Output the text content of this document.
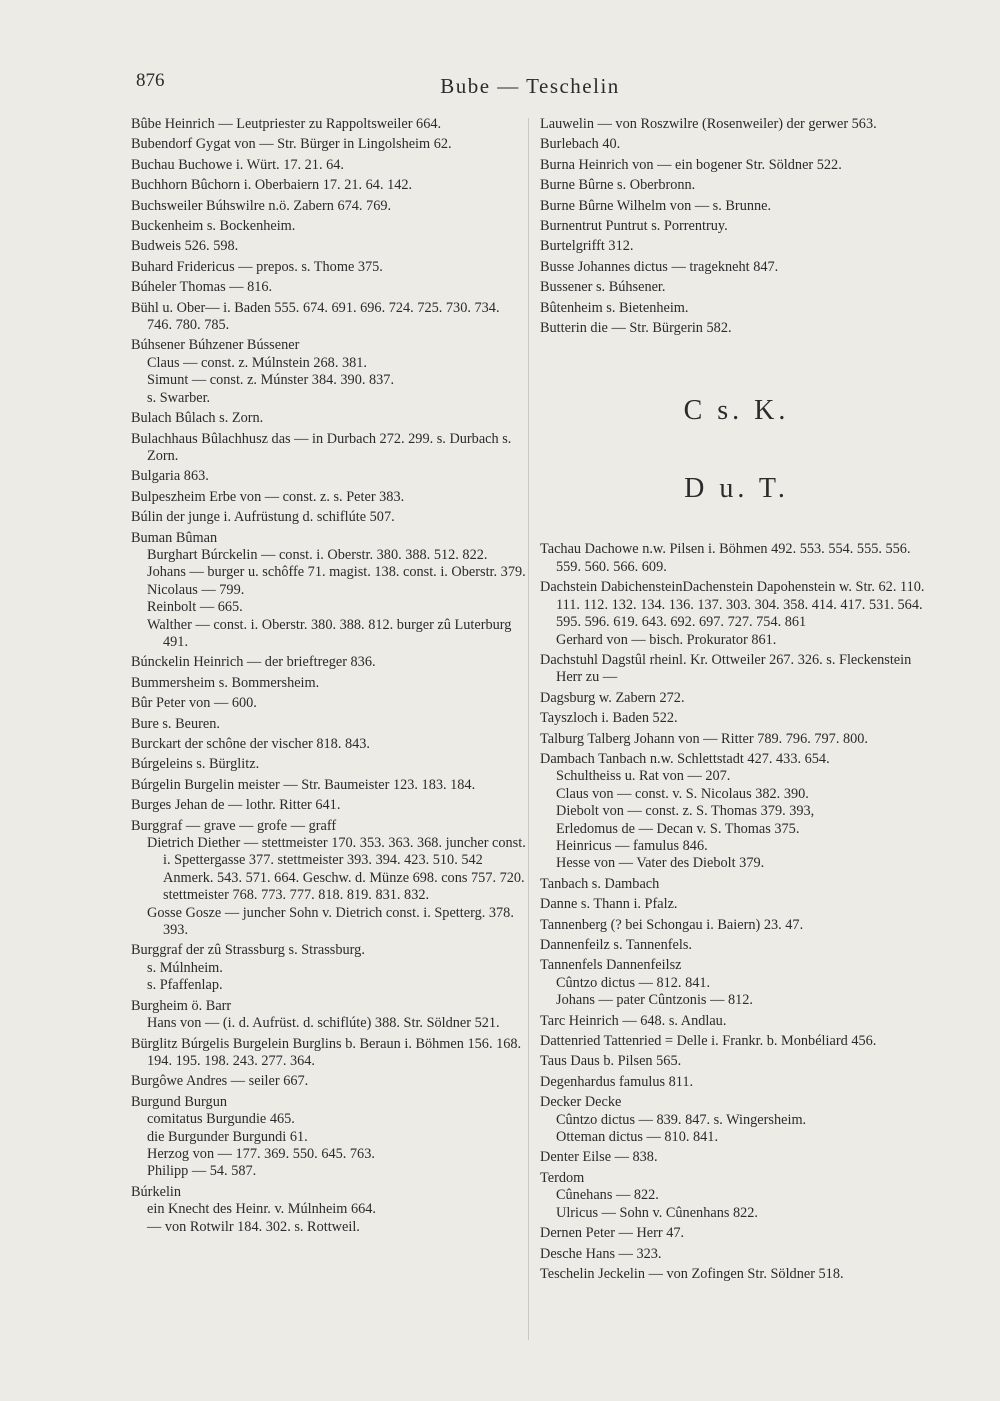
876	Bube — Teschelin
Bûbe Heinrich — Leutpriester zu Rappoltsweiler 664.
Bubendorf Gygat von — Str. Bürger in Lingolsheim 62.
Buchau Buchowe i. Würt. 17. 21. 64.
Buchhorn Bûchorn i. Oberbaiern 17. 21. 64. 142.
Buchsweiler Búhswilre n.ö. Zabern 674. 769.
Buckenheim s. Bockenheim.
Budweis 526. 598.
Buhard Fridericus — prepos. s. Thome 375.
Búheler Thomas — 816.
Bühl u. Ober— i. Baden 555. 674. 691. 696. 724. 725. 730. 734. 746. 780. 785.
Búhsener Búhzener Bússener
Claus — const. z. Múlnstein 268. 381.
Simunt — const. z. Múnster 384. 390. 837.
s. Swarber.
Bulach Bûlach s. Zorn.
Bulachhaus Bûlachhusz das — in Durbach 272. 299. s. Durbach s. Zorn.
Bulgaria 863.
Bulpeszheim Erbe von — const. z. s. Peter 383.
Búlin der junge i. Aufrüstung d. schiflúte 507.
Buman Bûman
Burghart Búrckelin — const. i. Oberstr. 380. 388. 512. 822.
Johans — burger u. schôffe 71. magist. 138. const. i. Oberstr. 379.
Nicolaus — 799.
Reinbolt — 665.
Walther — const. i. Oberstr. 380. 388. 812. burger zû Luterburg 491.
Búnckelin Heinrich — der brieftreger 836.
Bummersheim s. Bommersheim.
Bûr Peter von — 600.
Bure s. Beuren.
Burckart der schône der vischer 818. 843.
Búrgeleins s. Bürglitz.
Búrgelin Burgelin meister — Str. Baumeister 123. 183. 184.
Burges Jehan de — lothr. Ritter 641.
Burggraf — grave — grofe — graff
Dietrich Diether — stettmeister 170. 353. 363. 368. juncher const. i. Spettergasse 377. stettmeister 393. 394. 423. 510. 542 Anmerk. 543. 571. 664. Geschw. d. Münze 698. cons 757. 720. stettmeister 768. 773. 777. 818. 819. 831. 832.
Gosse Gosze — juncher Sohn v. Dietrich const. i. Spetterg. 378. 393.
Burggraf der zû Strassburg s. Strassburg.
s. Múlnheim.
s. Pfaffenlap.
Burgheim ö. Barr
Hans von — (i. d. Aufrüst. d. schiflúte) 388. Str. Söldner 521.
Bürglitz Búrgelis Burgelein Burglins b. Beraun i. Böhmen 156. 168. 194. 195. 198. 243. 277. 364.
Burgôwe Andres — seiler 667.
Burgund Burgun
comitatus Burgundie 465.
die Burgunder Burgundi 61.
Herzog von — 177. 369. 550. 645. 763.
Philipp — 54. 587.
Búrkelin
ein Knecht des Heinr. v. Múlnheim 664.
— von Rotwilr 184. 302. s. Rottweil.
Lauwelin — von Roszwilre (Rosenweiler) der gerwer 563.
Burlebach 40.
Burna Heinrich von — ein bogener Str. Söldner 522.
Burne Bûrne s. Oberbronn.
Burne Bûrne Wilhelm von — s. Brunne.
Burnentrut Puntrut s. Porrentruy.
Burtelgrifft 312.
Busse Johannes dictus — tragekneht 847.
Bussener s. Búhsener.
Bûtenheim s. Bietenheim.
Butterin die — Str. Bürgerin 582.
C s. K.
D u. T.
Tachau Dachowe n.w. Pilsen i. Böhmen 492. 553. 554. 555. 556. 559. 560. 566. 609.
Dachstein DabichensteinDachenstein Dapohenstein w. Str. 62. 110. 111. 112. 132. 134. 136. 137. 303. 304. 358. 414. 417. 531. 564. 595. 596. 619. 643. 692. 697. 727. 754. 861
Gerhard von — bisch. Prokurator 861.
Dachstuhl Dagstûl rheinl. Kr. Ottweiler 267. 326. s. Fleckenstein Herr zu —
Dagsburg w. Zabern 272.
Tayszloch i. Baden 522.
Talburg Talberg Johann von — Ritter 789. 796. 797. 800.
Dambach Tanbach n.w. Schlettstadt 427. 433. 654.
Schultheiss u. Rat von — 207.
Claus von — const. v. S. Nicolaus 382. 390.
Diebolt von — const. z. S. Thomas 379. 393,
Erledomus de — Decan v. S. Thomas 375.
Heinricus — famulus 846.
Hesse von — Vater des Diebolt 379.
Tanbach s. Dambach
Danne s. Thann i. Pfalz.
Tannenberg (? bei Schongau i. Baiern) 23. 47.
Dannenfeilz s. Tannenfels.
Tannenfels Dannenfeilsz
Cûntzo dictus — 812. 841.
Johans — pater Cûntzonis — 812.
Tarc Heinrich — 648. s. Andlau.
Dattenried Tattenried = Delle i. Frankr. b. Monbéliard 456.
Taus Daus b. Pilsen 565.
Degenhardus famulus 811.
Decker Decke
Cûntzo dictus — 839. 847. s. Wingersheim.
Otteman dictus — 810. 841.
Denter Eilse — 838.
Terdom
Cûnehans — 822.
Ulricus — Sohn v. Cûnenhans 822.
Dernen Peter — Herr 47.
Desche Hans — 323.
Teschelin Jeckelin — von Zofingen Str. Söldner 518.
